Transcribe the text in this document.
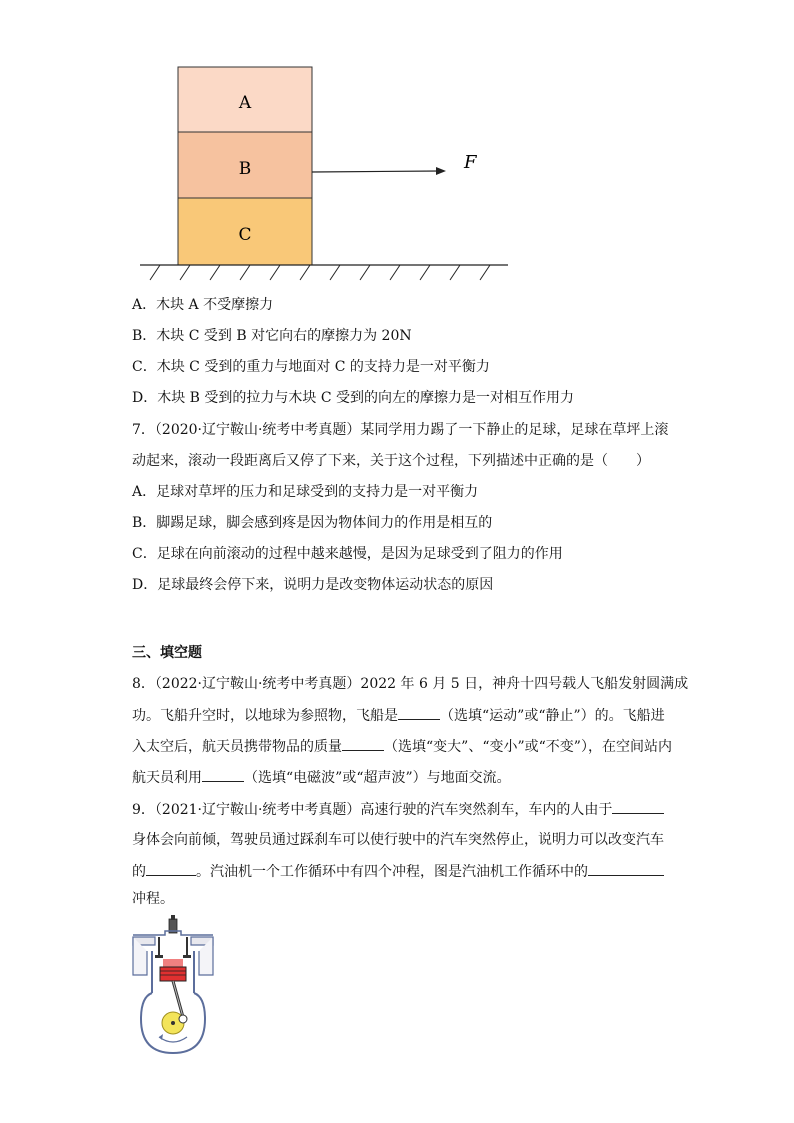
A
B
C
F
A．木块 A 不受摩擦力
B．木块 C 受到 B 对它向右的摩擦力为 20N
C．木块 C 受到的重力与地面对 C 的支持力是一对平衡力
D．木块 B 受到的拉力与木块 C 受到的向左的摩擦力是一对相互作用力
7．（2020·辽宁鞍山·统考中考真题）某同学用力踢了一下静止的足球，足球在草坪上滚
动起来，滚动一段距离后又停了下来，关于这个过程，下列描述中正确的是（　　）
A．足球对草坪的压力和足球受到的支持力是一对平衡力
B．脚踢足球，脚会感到疼是因为物体间力的作用是相互的
C．足球在向前滚动的过程中越来越慢，是因为足球受到了阻力的作用
D．足球最终会停下来，说明力是改变物体运动状态的原因
三、填空题
8．（2022·辽宁鞍山·统考中考真题）2022 年 6 月 5 日，神舟十四号载人飞船发射圆满成
功。飞船升空时，以地球为参照物，飞船是	（选填“运动”或“静止”）的。飞船进
入太空后，航天员携带物品的质量	（选填“变大”、“变小”或“不变”），在空间站内
航天员利用	（选填“电磁波”或“超声波”）与地面交流。
9．（2021·辽宁鞍山·统考中考真题）高速行驶的汽车突然刹车，车内的人由于
身体会向前倾，驾驶员通过踩刹车可以使行驶中的汽车突然停止，说明力可以改变汽车
的	。汽油机一个工作循环中有四个冲程，图是汽油机工作循环中的
冲程。
